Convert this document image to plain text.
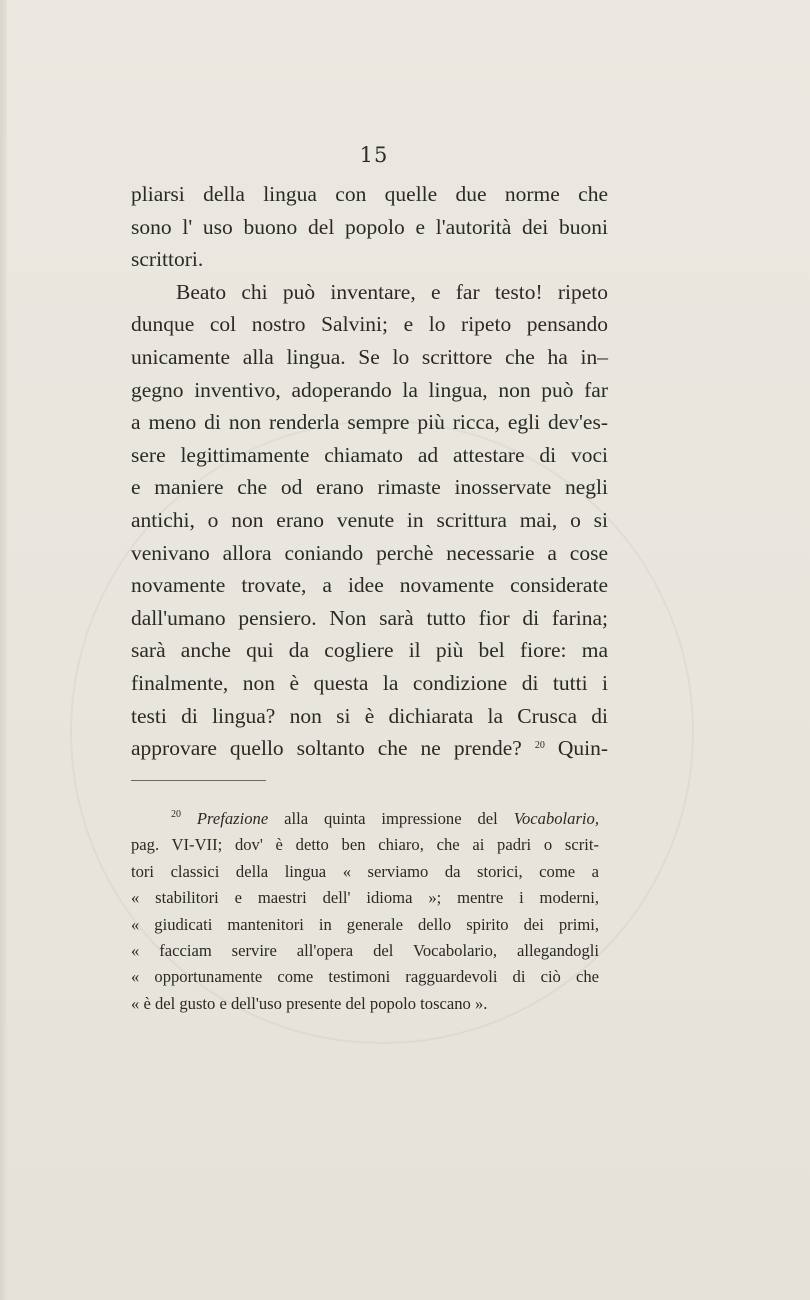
15
pliarsi della lingua con quelle due norme che
sono l' uso buono del popolo e l'autorità dei buoni
scrittori.
Beato chi può inventare, e far testo! ripeto
dunque col nostro Salvini; e lo ripeto pensando
unicamente alla lingua. Se lo scrittore che ha in–
gegno inventivo, adoperando la lingua, non può far
a meno di non renderla sempre più ricca, egli dev'es-
sere legittimamente chiamato ad attestare di voci
e maniere che od erano rimaste inosservate negli
antichi, o non erano venute in scrittura mai, o si
venivano allora coniando perchè necessarie a cose
novamente trovate, a idee novamente considerate
dall'umano pensiero. Non sarà tutto fior di farina;
sarà anche qui da cogliere il più bel fiore: ma
finalmente, non è questa la condizione di tutti i
testi di lingua? non si è dichiarata la Crusca di
approvare quello soltanto che ne prende? $^{20}$ Quin-
$^{20}$ Prefazione alla quinta impressione del Vocabolario,
pag. VI-VII; dov' è detto ben chiaro, che ai padri o scrit-
tori classici della lingua « serviamo da storici, come a
« stabilitori e maestri dell' idioma »; mentre i moderni,
« giudicati mantenitori in generale dello spirito dei primi,
« facciam servire all'opera del Vocabolario, allegandogli
« opportunamente come testimoni ragguardevoli di ciò che
« è del gusto e dell'uso presente del popolo toscano ».
